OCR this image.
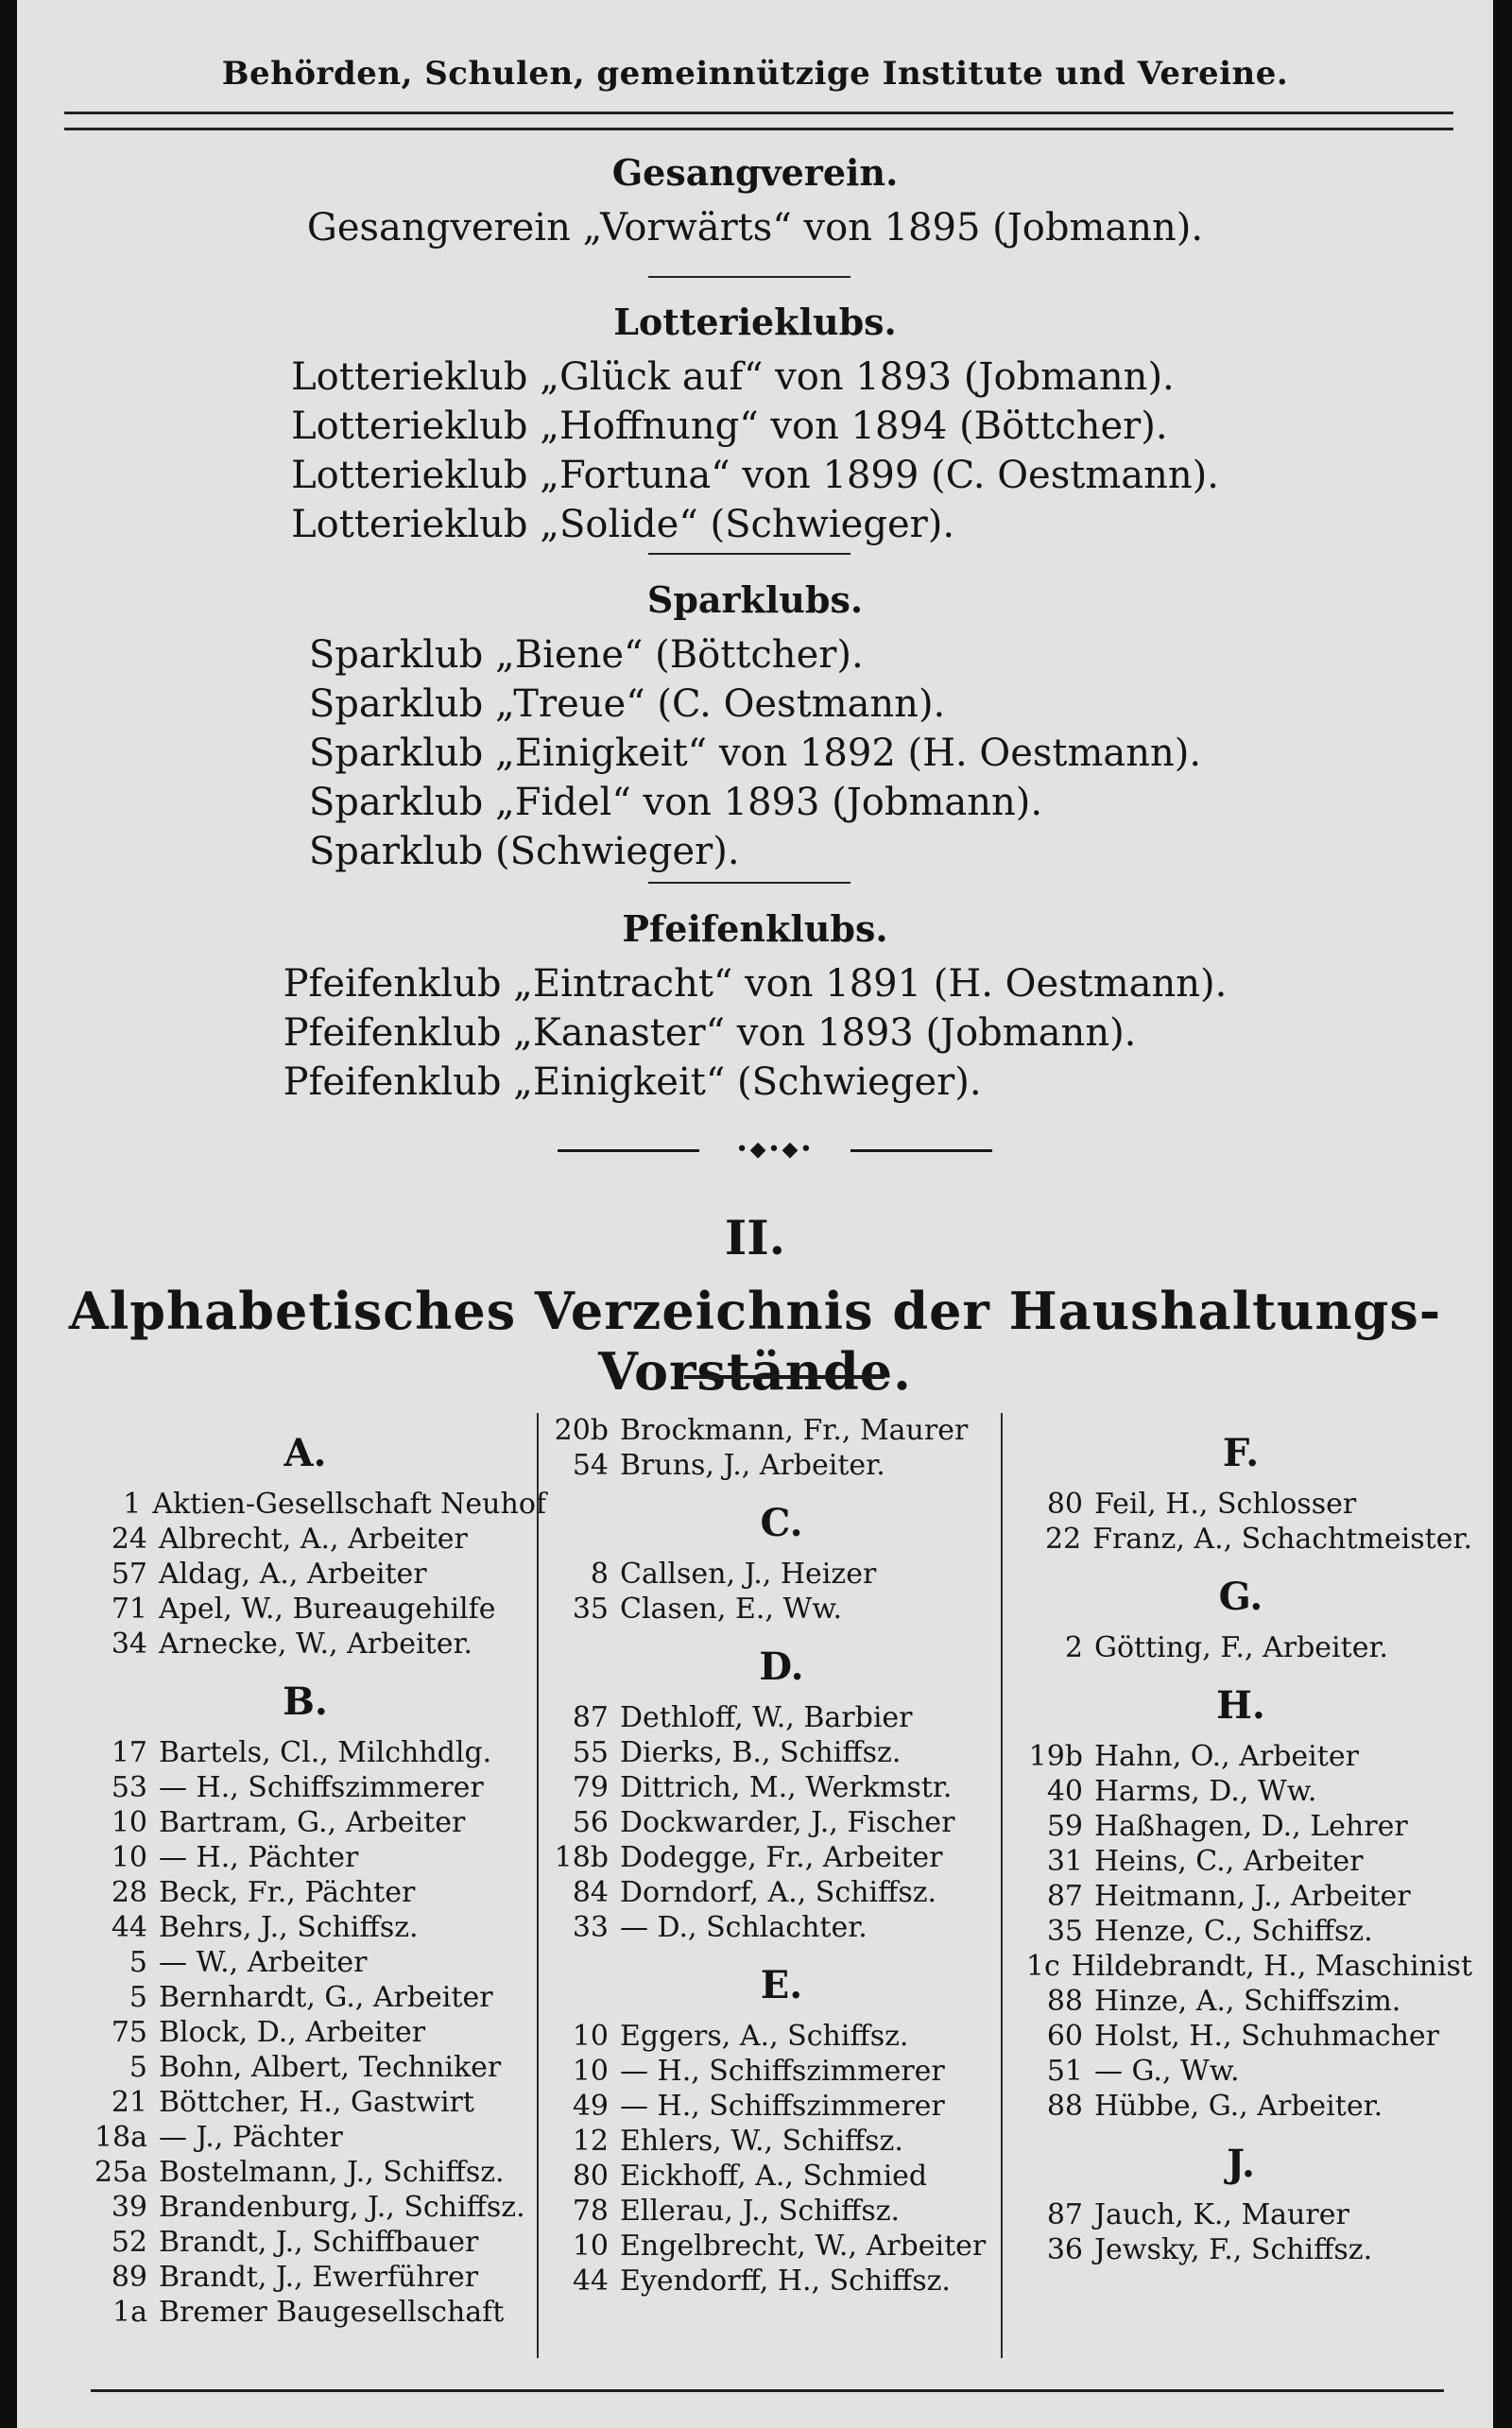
Behörden, Schulen, gemeinnützige Institute und Vereine.
Gesangverein.
Gesangverein „Vorwärts“ von 1895 (Jobmann).
Lotterieklubs.
Lotterieklub „Glück auf“ von 1893 (Jobmann).
Lotterieklub „Hoffnung“ von 1894 (Böttcher).
Lotterieklub „Fortuna“ von 1899 (C. Oestmann).
Lotterieklub „Solide“ (Schwieger).
Sparklubs.
Sparklub „Biene“ (Böttcher).
Sparklub „Treue“ (C. Oestmann).
Sparklub „Einigkeit“ von 1892 (H. Oestmann).
Sparklub „Fidel“ von 1893 (Jobmann).
Sparklub (Schwieger).
Pfeifenklubs.
Pfeifenklub „Eintracht“ von 1891 (H. Oestmann).
Pfeifenklub „Kanaster“ von 1893 (Jobmann).
Pfeifenklub „Einigkeit“ (Schwieger).
•◆•◆•
II.
Alphabetisches Verzeichnis der Haushaltungs-Vorstände.
A.
1 Aktien-Gesellschaft Neuhof
24 Albrecht, A., Arbeiter
57 Aldag, A., Arbeiter
71 Apel, W., Bureaugehilfe
34 Arnecke, W., Arbeiter.
B.
17 Bartels, Cl., Milchhdlg.
53 — H., Schiffszimmerer
10 Bartram, G., Arbeiter
10 — H., Pächter
28 Beck, Fr., Pächter
44 Behrs, J., Schiffsz.
5 — W., Arbeiter
5 Bernhardt, G., Arbeiter
75 Block, D., Arbeiter
5 Bohn, Albert, Techniker
21 Böttcher, H., Gastwirt
18a — J., Pächter
25a Bostelmann, J., Schiffsz.
39 Brandenburg, J., Schiffsz.
52 Brandt, J., Schiffbauer
89 Brandt, J., Ewerführer
1a Bremer Baugesellschaft
20b Brockmann, Fr., Maurer
54 Bruns, J., Arbeiter.
C.
8 Callsen, J., Heizer
35 Clasen, E., Ww.
D.
87 Dethloff, W., Barbier
55 Dierks, B., Schiffsz.
79 Dittrich, M., Werkmstr.
56 Dockwarder, J., Fischer
18b Dodegge, Fr., Arbeiter
84 Dorndorf, A., Schiffsz.
33 — D., Schlachter.
E.
10 Eggers, A., Schiffsz.
10 — H., Schiffszimmerer
49 — H., Schiffszimmerer
12 Ehlers, W., Schiffsz.
80 Eickhoff, A., Schmied
78 Ellerau, J., Schiffsz.
10 Engelbrecht, W., Arbeiter
44 Eyendorff, H., Schiffsz.
F.
80 Feil, H., Schlosser
22 Franz, A., Schachtmeister.
G.
2 Götting, F., Arbeiter.
H.
19b Hahn, O., Arbeiter
40 Harms, D., Ww.
59 Haßhagen, D., Lehrer
31 Heins, C., Arbeiter
87 Heitmann, J., Arbeiter
35 Henze, C., Schiffsz.
1c Hildebrandt, H., Maschinist
88 Hinze, A., Schiffszim.
60 Holst, H., Schuhmacher
51 — G., Ww.
88 Hübbe, G., Arbeiter.
J.
87 Jauch, K., Maurer
36 Jewsky, F., Schiffsz.
